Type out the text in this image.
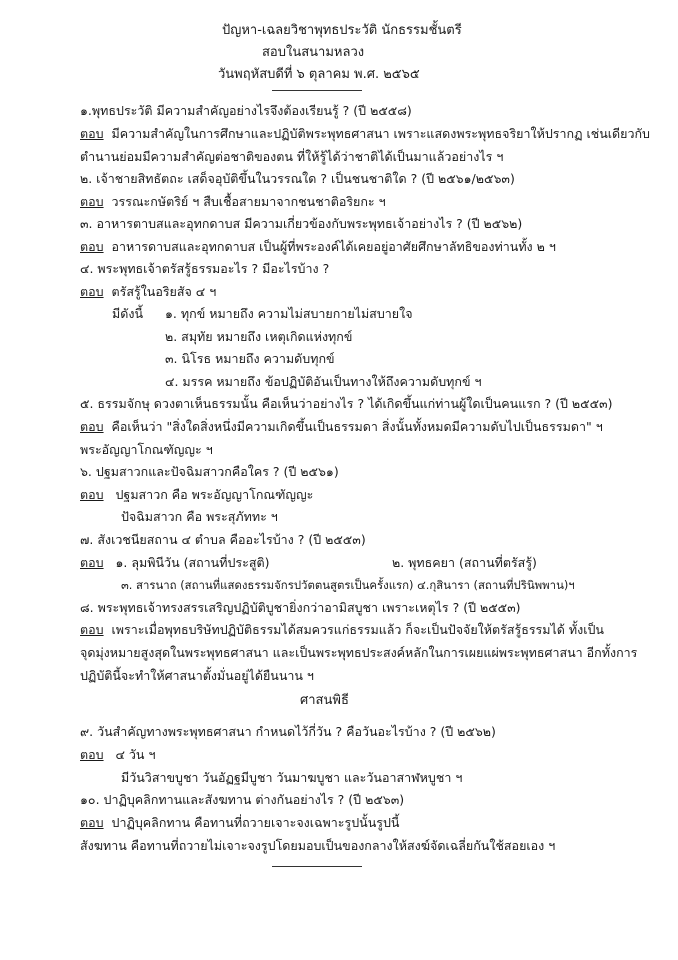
ปัญหา-เฉลยวิชาพุทธประวัติ นักธรรมชั้นตรี
สอบในสนามหลวง
วันพฤหัสบดีที่ ๖ ตุลาคม พ.ศ. ๒๕๖๕
๑.พุทธประวัติ มีความสำคัญอย่างไรจึงต้องเรียนรู้ ? (ปี ๒๕๕๘)
ตอบ มีความสำคัญในการศึกษาและปฏิบัติพระพุทธศาสนา เพราะแสดงพระพุทธจริยาให้ปรากฏ เช่นเดียวกับ
ตำนานย่อมมีความสำคัญต่อชาติของตน ที่ให้รู้ได้ว่าชาติได้เป็นมาแล้วอย่างไร ฯ
๒. เจ้าชายสิทธัตถะ เสด็จอุบัติขึ้นในวรรณใด ? เป็นชนชาติใด ? (ปี ๒๕๖๑/๒๕๖๓)
ตอบ วรรณะกษัตริย์ ฯ สืบเชื้อสายมาจากชนชาติอริยกะ ฯ
๓. อาหารตาบสและอุทกดาบส มีความเกี่ยวข้องกับพระพุทธเจ้าอย่างไร ? (ปี ๒๕๖๒)
ตอบ อาหารดาบสและอุทกดาบส เป็นผู้ที่พระองค์ได้เคยอยู่อาศัยศึกษาลัทธิของท่านทั้ง ๒ ฯ
๔. พระพุทธเจ้าตรัสรู้ธรรมอะไร ? มีอะไรบ้าง ?
ตอบ ตรัสรู้ในอริยสัจ ๔ ฯ
มีดังนี้ ๑. ทุกข์ หมายถึง ความไม่สบายกายไม่สบายใจ
๒. สมุทัย หมายถึง เหตุเกิดแห่งทุกข์
๓. นิโรธ หมายถึง ความดับทุกข์
๔. มรรค หมายถึง ข้อปฏิบัติอันเป็นทางให้ถึงความดับทุกข์ ฯ
๕. ธรรมจักษุ ดวงตาเห็นธรรมนั้น คือเห็นว่าอย่างไร ? ได้เกิดขึ้นแก่ท่านผู้ใดเป็นคนแรก ? (ปี ๒๕๕๓)
ตอบ คือเห็นว่า "สิ่งใดสิ่งหนึ่งมีความเกิดขึ้นเป็นธรรมดา สิ่งนั้นทั้งหมดมีความดับไปเป็นธรรมดา" ฯ
พระอัญญาโกณฑัญญะ ฯ
๖. ปฐมสาวกและปัจฉิมสาวกคือใคร ? (ปี ๒๕๖๑)
ตอบ ปฐมสาวก คือ พระอัญญาโกณฑัญญะ
ปัจฉิมสาวก คือ พระสุภัททะ ฯ
๗. สังเวชนียสถาน ๔ ตำบล คืออะไรบ้าง ? (ปี ๒๕๕๓)
ตอบ ๑. ลุมพินีวัน (สถานที่ประสูติ)	๒. พุทธคยา (สถานที่ตรัสรู้)
๓. สารนาถ (สถานที่แสดงธรรมจักรปวัตตนสูตรเป็นครั้งแรก) ๔.กุสินารา (สถานที่ปรินิพพาน)ฯ
๘. พระพุทธเจ้าทรงสรรเสริญปฏิบัติบูชายิ่งกว่าอามิสบูชา เพราะเหตุไร ? (ปี ๒๕๕๓)
ตอบ เพราะเมื่อพุทธบริษัทปฏิบัติธรรมได้สมควรแก่ธรรมแล้ว ก็จะเป็นปัจจัยให้ตรัสรู้ธรรมได้ ทั้งเป็น
จุดมุ่งหมายสูงสุดในพระพุทธศาสนา และเป็นพระพุทธประสงค์หลักในการเผยแผ่พระพุทธศาสนา อีกทั้งการ
ปฏิบัตินี้จะทำให้ศาสนาตั้งมั่นอยู่ได้ยืนนาน ฯ
ศาสนพิธี
๙. วันสำคัญทางพระพุทธศาสนา กำหนดไว้กี่วัน ? คือวันอะไรบ้าง ? (ปี ๒๕๖๒)
ตอบ ๔ วัน ฯ
มีวันวิสาขบูชา วันอัฏฐมีบูชา วันมาฆบูชา และวันอาสาฬหบูชา ฯ
๑๐. ปาฏิบุคลิกทานและสังฆทาน ต่างกันอย่างไร ? (ปี ๒๕๖๓)
ตอบ ปาฏิบุคลิกทาน คือทานที่ถวายเจาะจงเฉพาะรูปนั้นรูปนี้
สังฆทาน คือทานที่ถวายไม่เจาะจงรูปโดยมอบเป็นของกลางให้สงฆ์จัดเฉลี่ยกันใช้สอยเอง ฯ
